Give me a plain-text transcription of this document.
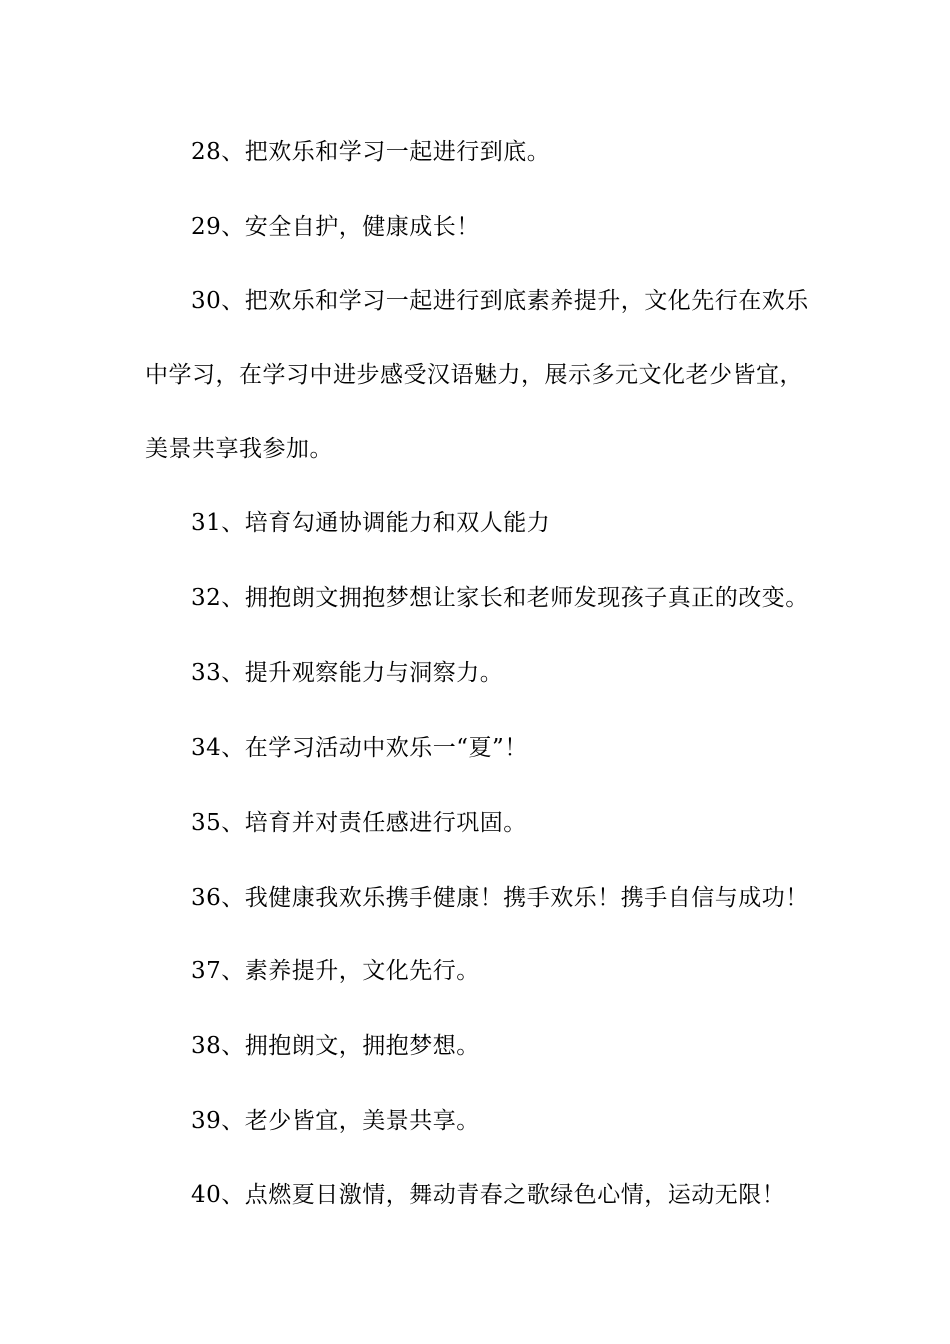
28、把欢乐和学习一起进行到底。

29、安全自护，健康成长！

30、把欢乐和学习一起进行到底素养提升，文化先行在欢乐中学习，在学习中进步感受汉语魅力，展示多元文化老少皆宜，美景共享我参加。

31、培育勾通协调能力和双人能力

32、拥抱朗文拥抱梦想让家长和老师发现孩子真正的改变。

33、提升观察能力与洞察力。

34、在学习活动中欢乐一“夏”！

35、培育并对责任感进行巩固。

36、我健康我欢乐携手健康！携手欢乐！携手自信与成功！

37、素养提升，文化先行。

38、拥抱朗文，拥抱梦想。

39、老少皆宜，美景共享。

40、点燃夏日激情，舞动青春之歌绿色心情，运动无限！
